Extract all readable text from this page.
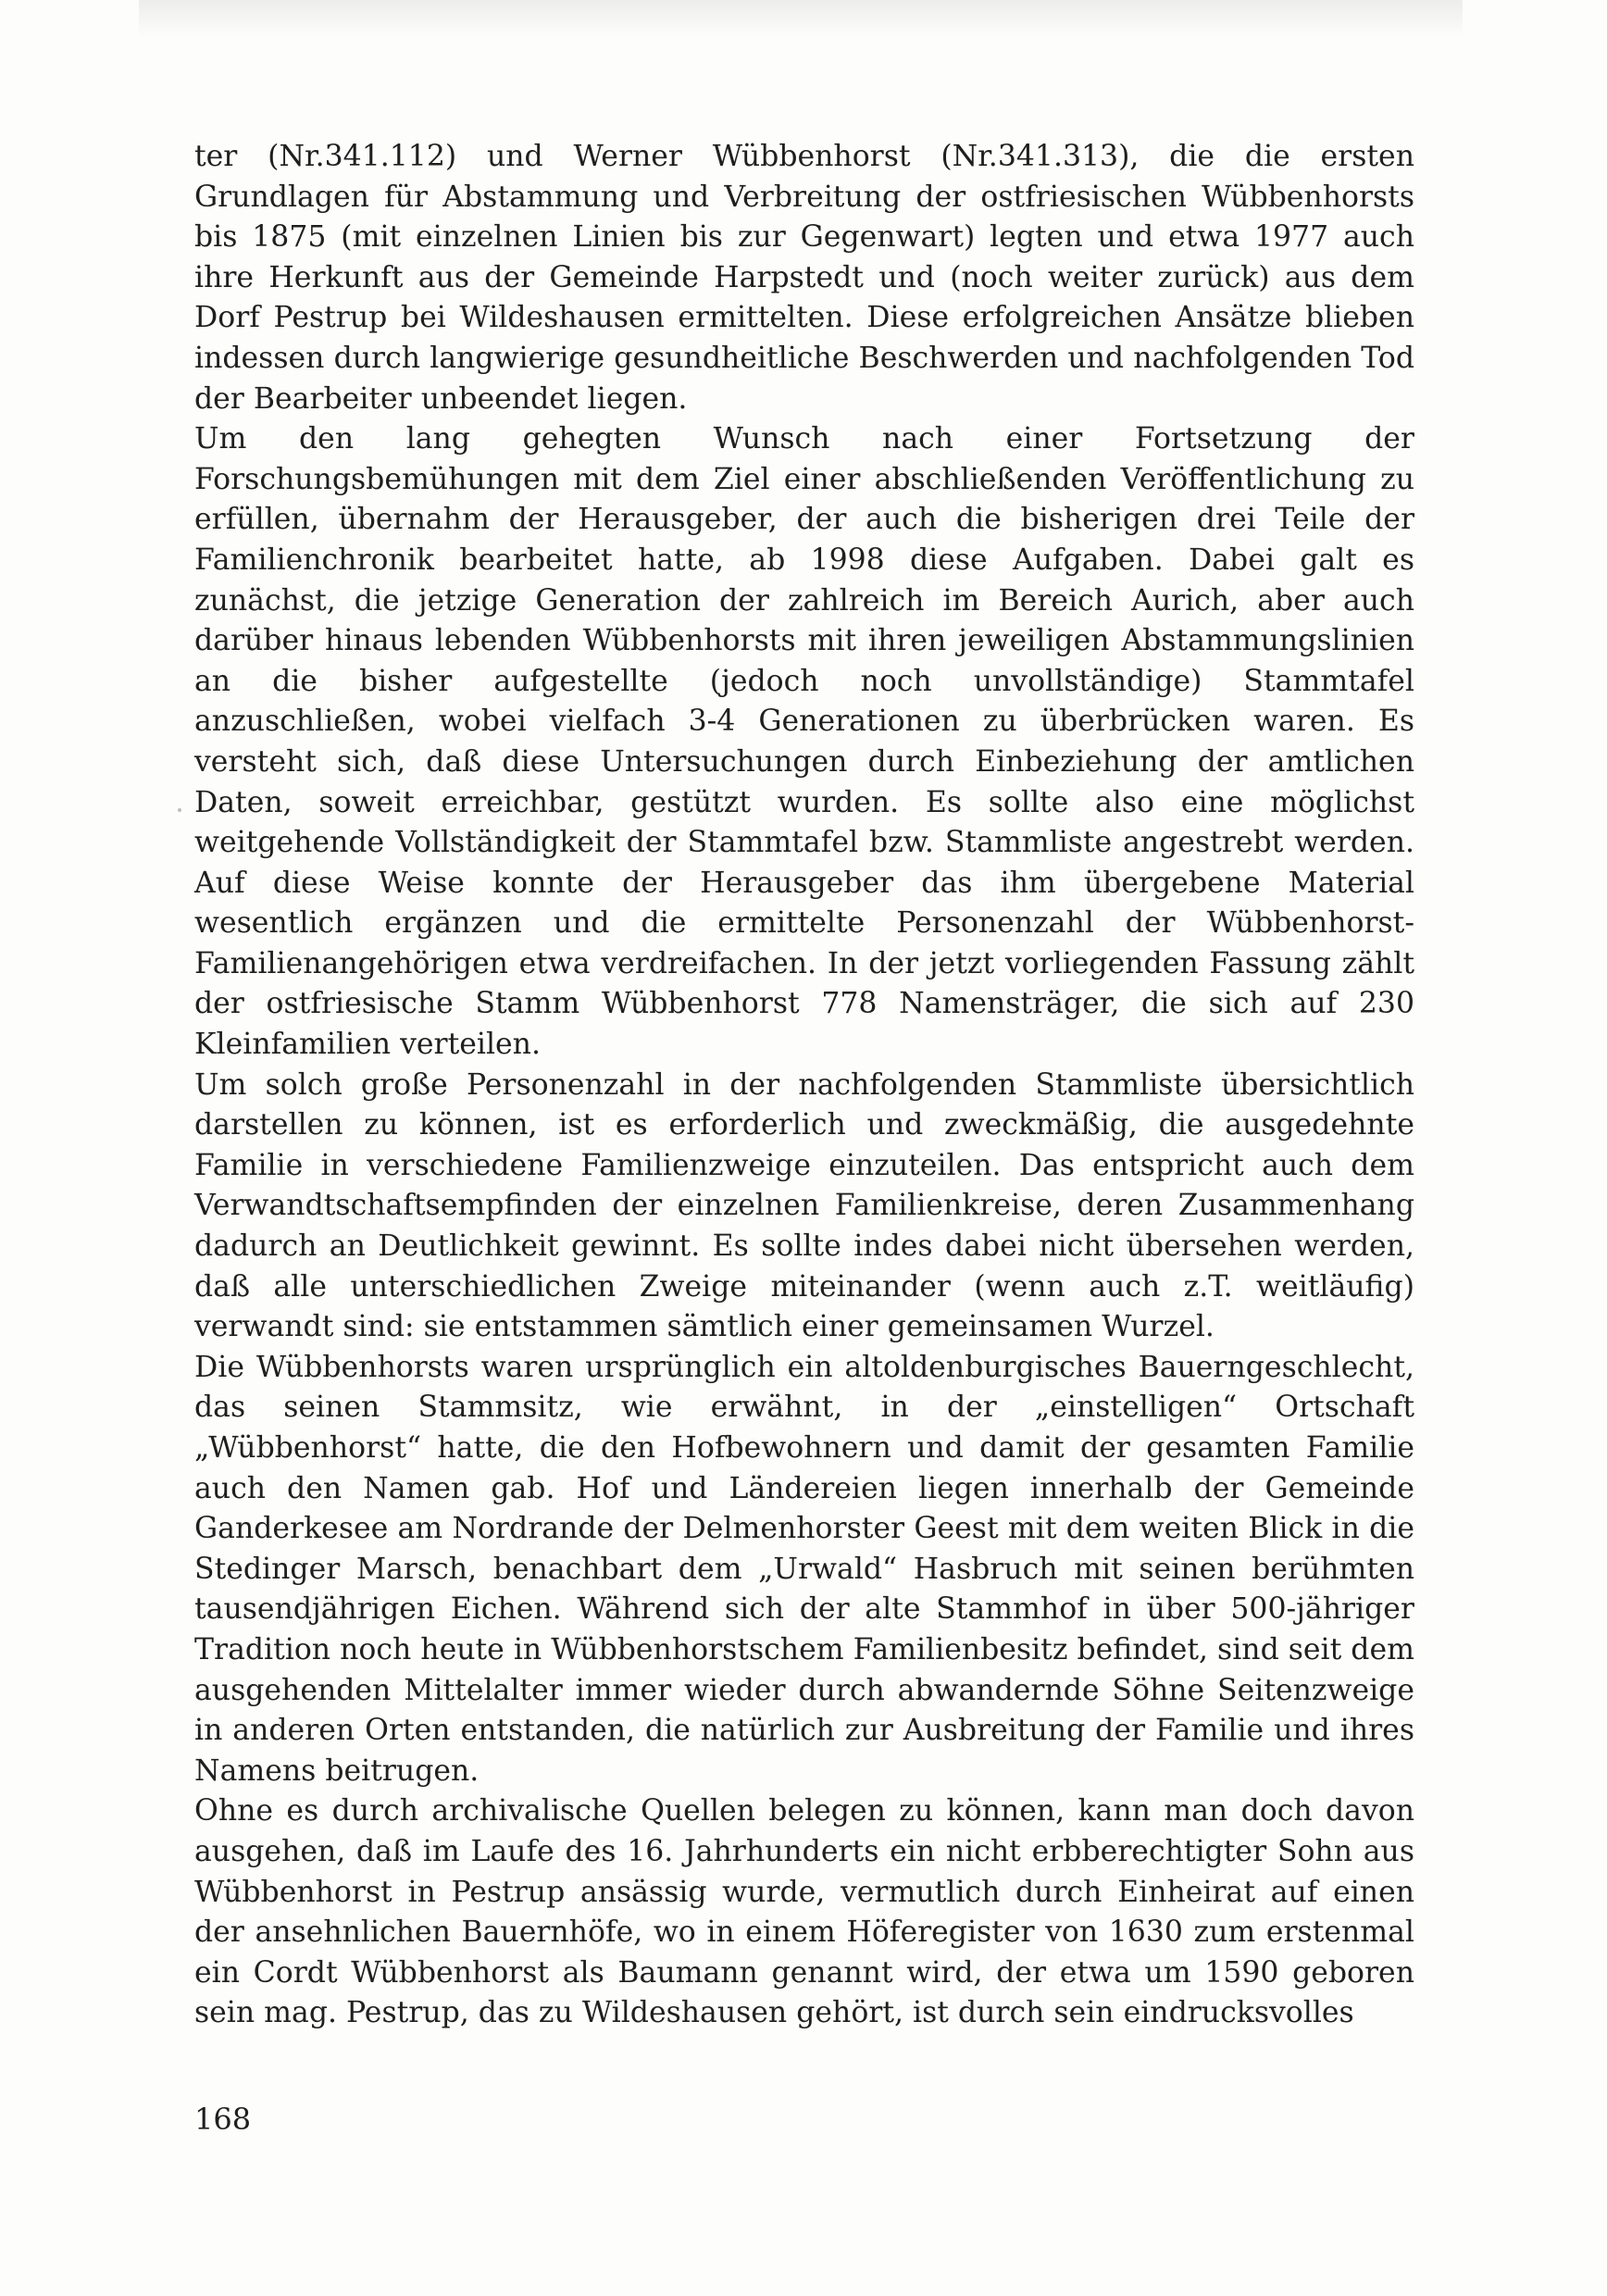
ter (Nr.341.112) und Werner Wübbenhorst (Nr.341.313), die die ersten Grundlagen für Abstammung und Verbreitung der ostfriesischen Wübbenhorsts bis 1875 (mit einzelnen Linien bis zur Gegenwart) legten und etwa 1977 auch ihre Herkunft aus der Gemeinde Harpstedt und (noch weiter zurück) aus dem Dorf Pestrup bei Wildeshausen ermittelten. Diese erfolgreichen Ansätze blieben indessen durch langwierige gesundheitliche Beschwerden und nachfolgenden Tod der Bearbeiter unbeendet liegen.

Um den lang gehegten Wunsch nach einer Fortsetzung der Forschungsbemühungen mit dem Ziel einer abschließenden Veröffentlichung zu erfüllen, übernahm der Herausgeber, der auch die bisherigen drei Teile der Familienchronik bearbeitet hatte, ab 1998 diese Aufgaben. Dabei galt es zunächst, die jetzige Generation der zahlreich im Bereich Aurich, aber auch darüber hinaus lebenden Wübbenhorsts mit ihren jeweiligen Abstammungslinien an die bisher aufgestellte (jedoch noch unvollständige) Stammtafel anzuschließen, wobei vielfach 3-4 Generationen zu überbrücken waren. Es versteht sich, daß diese Untersuchungen durch Einbeziehung der amtlichen Daten, soweit erreichbar, gestützt wurden. Es sollte also eine möglichst weitgehende Vollständigkeit der Stammtafel bzw. Stammliste angestrebt werden. Auf diese Weise konnte der Herausgeber das ihm übergebene Material wesentlich ergänzen und die ermittelte Personenzahl der Wübbenhorst-Familienangehörigen etwa verdreifachen. In der jetzt vorliegenden Fassung zählt der ostfriesische Stamm Wübbenhorst 778 Namensträger, die sich auf 230 Kleinfamilien verteilen.

Um solch große Personenzahl in der nachfolgenden Stammliste übersichtlich darstellen zu können, ist es erforderlich und zweckmäßig, die ausgedehnte Familie in verschiedene Familienzweige einzuteilen. Das entspricht auch dem Verwandtschaftsempfinden der einzelnen Familienkreise, deren Zusammenhang dadurch an Deutlichkeit gewinnt. Es sollte indes dabei nicht übersehen werden, daß alle unterschiedlichen Zweige miteinander (wenn auch z.T. weitläufig) verwandt sind: sie entstammen sämtlich einer gemeinsamen Wurzel.

Die Wübbenhorsts waren ursprünglich ein altoldenburgisches Bauerngeschlecht, das seinen Stammsitz, wie erwähnt, in der „einstelligen“ Ortschaft „Wübbenhorst“ hatte, die den Hofbewohnern und damit der gesamten Familie auch den Namen gab. Hof und Ländereien liegen innerhalb der Gemeinde Ganderkesee am Nordrande der Delmenhorster Geest mit dem weiten Blick in die Stedinger Marsch, benachbart dem „Urwald“ Hasbruch mit seinen berühmten tausendjährigen Eichen. Während sich der alte Stammhof in über 500-jähriger Tradition noch heute in Wübbenhorstschem Familienbesitz befindet, sind seit dem ausgehenden Mittelalter immer wieder durch abwandernde Söhne Seitenzweige in anderen Orten entstanden, die natürlich zur Ausbreitung der Familie und ihres Namens beitrugen.

Ohne es durch archivalische Quellen belegen zu können, kann man doch davon ausgehen, daß im Laufe des 16. Jahrhunderts ein nicht erbberechtigter Sohn aus Wübbenhorst in Pestrup ansässig wurde, vermutlich durch Einheirat auf einen der ansehnlichen Bauernhöfe, wo in einem Höferegister von 1630 zum erstenmal ein Cordt Wübbenhorst als Baumann genannt wird, der etwa um 1590 geboren sein mag. Pestrup, das zu Wildeshausen gehört, ist durch sein eindrucksvolles

168
